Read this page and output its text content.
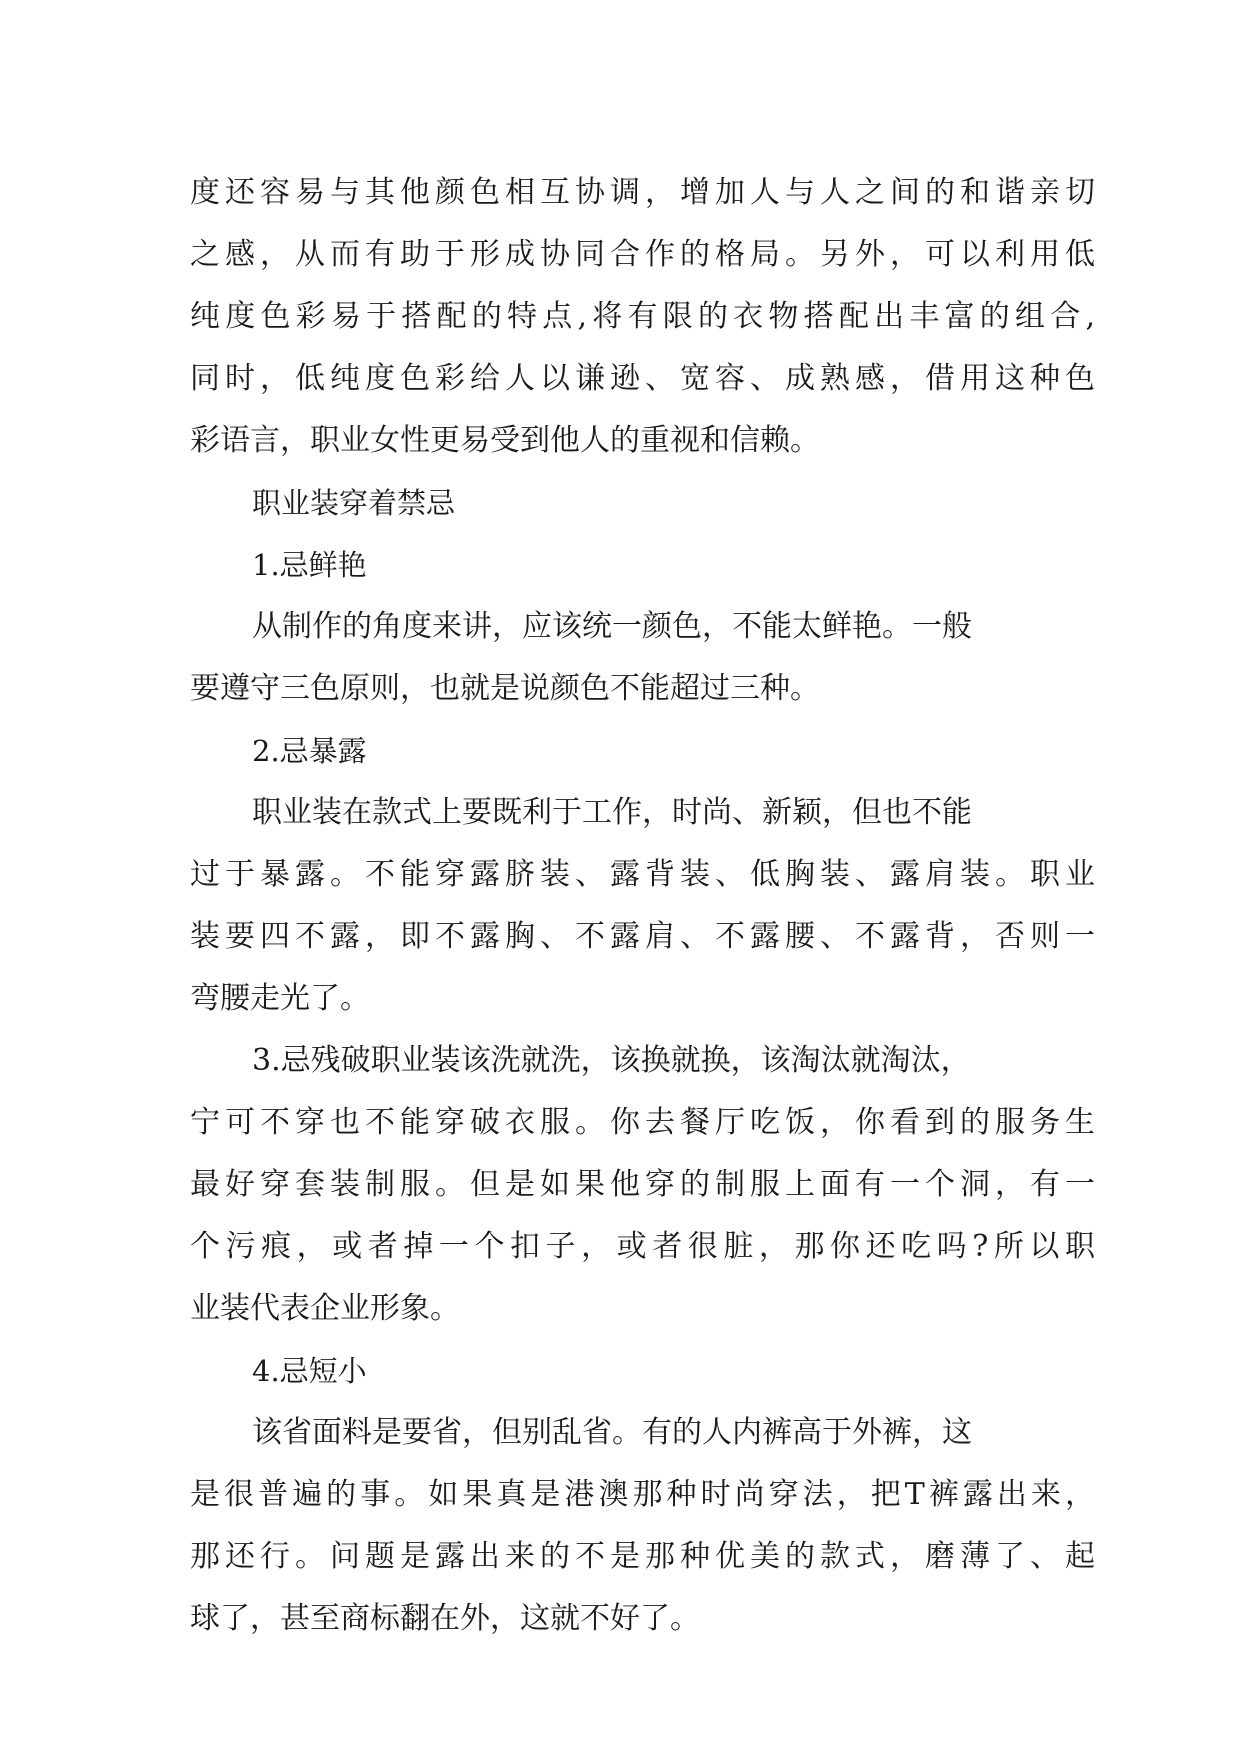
度还容易与其他颜色相互协调，增加人与人之间的和谐亲切
之感，从而有助于形成协同合作的格局。另外，可以利用低
纯度色彩易于搭配的特点,将有限的衣物搭配出丰富的组合,
同时，低纯度色彩给人以谦逊、宽容、成熟感，借用这种色
彩语言，职业女性更易受到他人的重视和信赖。
职业装穿着禁忌
1.忌鲜艳
从制作的角度来讲，应该统一颜色，不能太鲜艳。一般
要遵守三色原则，也就是说颜色不能超过三种。
2.忌暴露
职业装在款式上要既利于工作，时尚、新颖，但也不能
过于暴露。不能穿露脐装、露背装、低胸装、露肩装。职业
装要四不露，即不露胸、不露肩、不露腰、不露背，否则一
弯腰走光了。
3.忌残破职业装该洗就洗，该换就换，该淘汰就淘汰，
宁可不穿也不能穿破衣服。你去餐厅吃饭，你看到的服务生
最好穿套装制服。但是如果他穿的制服上面有一个洞，有一
个污痕，或者掉一个扣子，或者很脏，那你还吃吗?所以职
业装代表企业形象。
4.忌短小
该省面料是要省，但别乱省。有的人内裤高于外裤，这
是很普遍的事。如果真是港澳那种时尚穿法，把T裤露出来，
那还行。问题是露出来的不是那种优美的款式，磨薄了、起
球了，甚至商标翻在外，这就不好了。
